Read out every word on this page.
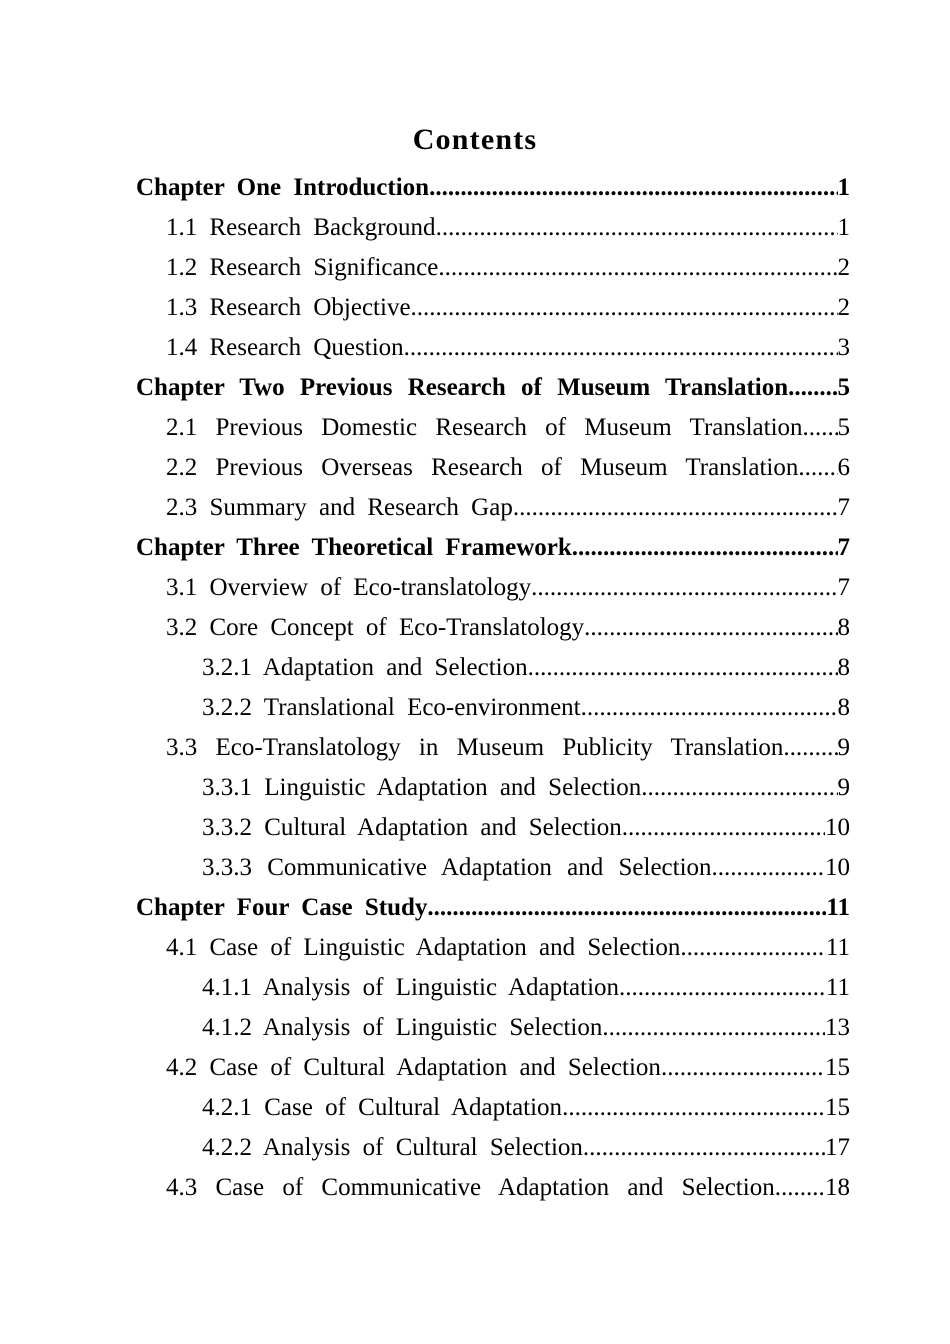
Contents
Chapter One Introduction .....	1
1.1 Research Background .....	1
1.2 Research Significance .....	2
1.3 Research Objective .....	2
1.4 Research Question .....	3
Chapter Two Previous Research of Museum Translation ..... 5
2.1 Previous Domestic Research of Museum Translation ..... 5
2.2 Previous Overseas Research of Museum Translation ..... 6
2.3 Summary and Research Gap .....	7
Chapter Three Theoretical Framework .....	7
3.1 Overview of Eco-translatology .....	7
3.2 Core Concept of Eco-Translatology .....	8
3.2.1 Adaptation and Selection .....	8
3.2.2 Translational Eco-environment .....	8
3.3 Eco-Translatology in Museum Publicity Translation ..... 9
3.3.1 Linguistic Adaptation and Selection .....	9
3.3.2 Cultural Adaptation and Selection .....	10
3.3.3 Communicative Adaptation and Selection .....	10
Chapter Four Case Study .....	11
4.1 Case of Linguistic Adaptation and Selection .....	11
4.1.1 Analysis of Linguistic Adaptation .....	11
4.1.2 Analysis of Linguistic Selection .....	13
4.2 Case of Cultural Adaptation and Selection .....	15
4.2.1 Case of Cultural Adaptation .....	15
4.2.2 Analysis of Cultural Selection .....	17
4.3 Case of Communicative Adaptation and Selection ..... 18
